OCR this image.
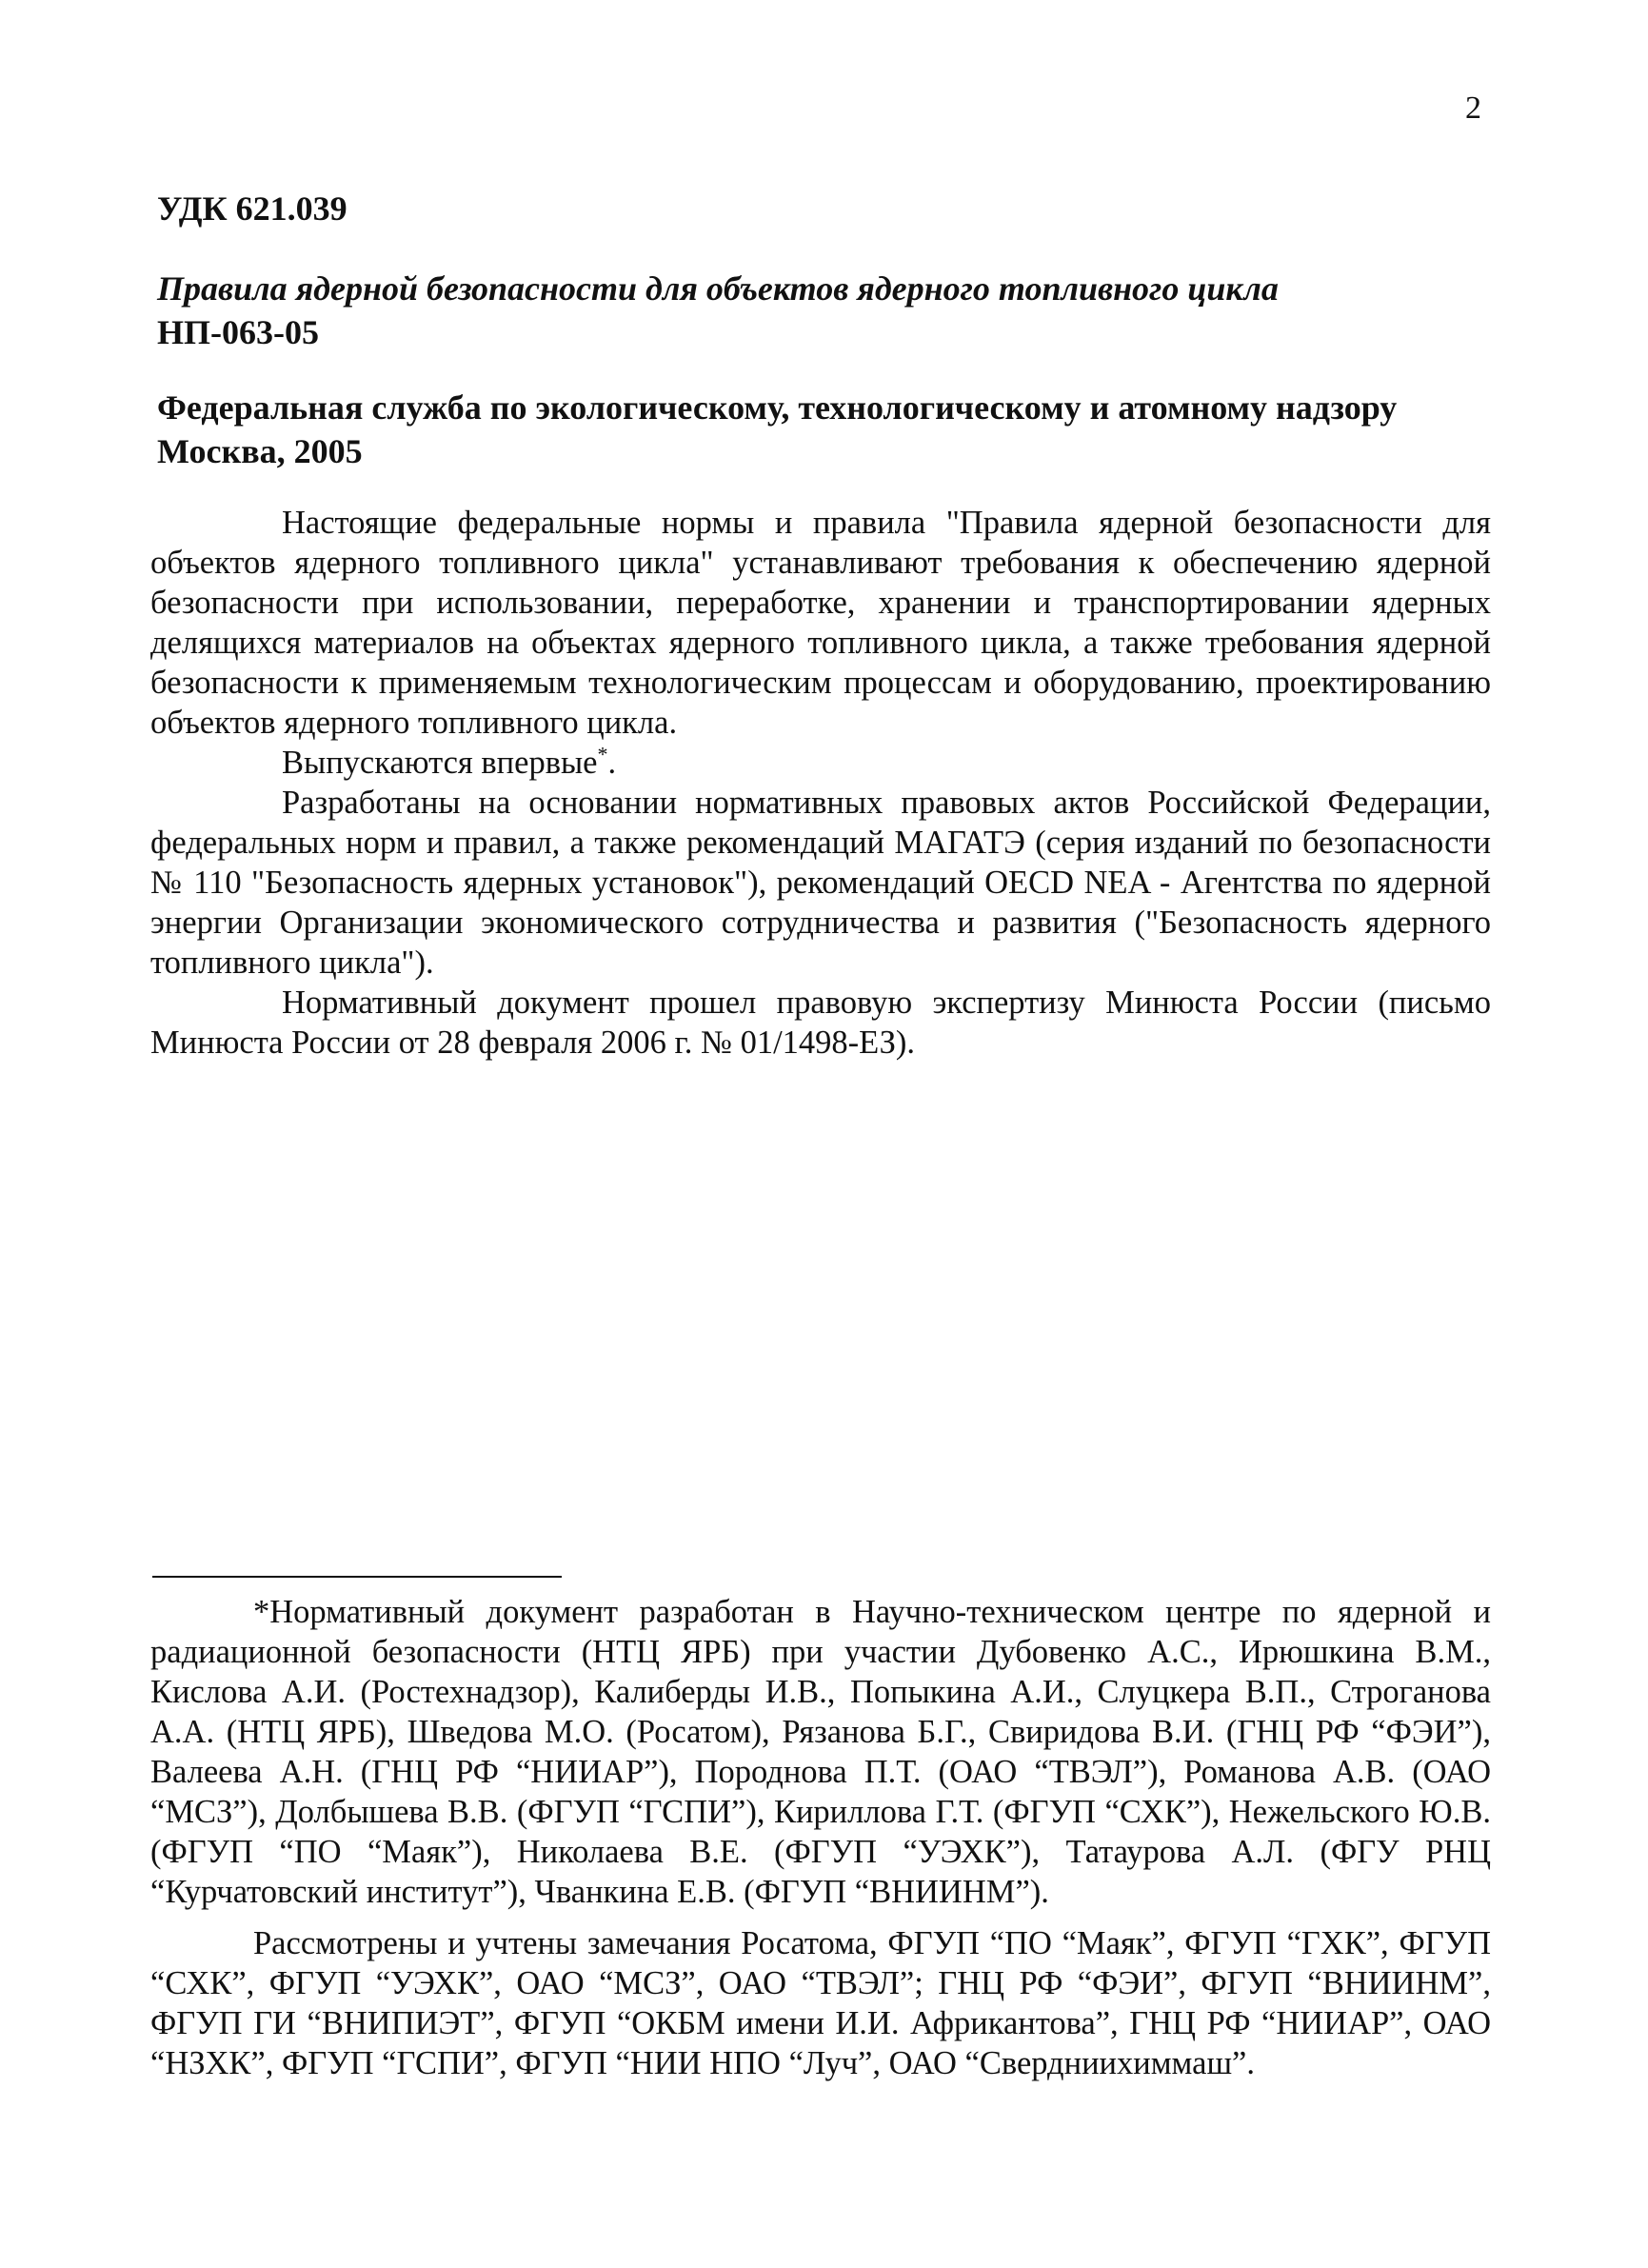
2
УДК 621.039
Правила ядерной безопасности для объектов ядерного топливного цикла
НП-063-05
Федеральная служба по экологическому, технологическому и атомному надзору
Москва, 2005

Настоящие федеральные нормы и правила "Правила ядерной безопасности для объектов ядерного топливного цикла" устанавливают требования к обеспечению ядерной безопасности при использовании, переработке, хранении и транспортировании ядерных делящихся материалов на объектах ядерного топливного цикла, а также требования ядерной безопасности к применяемым технологическим процессам и оборудованию, проектированию объектов ядерного топливного цикла.

Выпускаются впервые*.

Разработаны на основании нормативных правовых актов Российской Федерации, федеральных норм и правил, а также рекомендаций МАГАТЭ (серия изданий по безопасности № 110 "Безопасность ядерных установок"), рекомендаций OECD NEA - Агентства по ядерной энергии Организации экономического сотрудничества и развития ("Безопасность ядерного топливного цикла").

Нормативный документ прошел правовую экспертизу Минюста России (письмо Минюста России от 28 февраля 2006 г. № 01/1498-ЕЗ).

*Нормативный документ разработан в Научно-техническом центре по ядерной и радиационной безопасности (НТЦ ЯРБ) при участии Дубовенко А.С., Ирюшкина В.М., Кислова А.И. (Ростехнадзор), Калиберды И.В., Попыкина А.И., Слуцкера В.П., Строганова А.А. (НТЦ ЯРБ), Шведова М.О. (Росатом), Рязанова Б.Г., Свиридова В.И. (ГНЦ РФ “ФЭИ”), Валеева А.Н. (ГНЦ РФ “НИИАР”), Породнова П.Т. (ОАО “ТВЭЛ”), Романова А.В. (ОАО “МСЗ”), Долбышева В.В. (ФГУП “ГСПИ”), Кириллова Г.Т. (ФГУП “СХК”), Нежельского Ю.В. (ФГУП “ПО “Маяк”), Николаева В.Е. (ФГУП “УЭХК”), Татаурова А.Л. (ФГУ РНЦ “Курчатовский институт”), Чванкина Е.В. (ФГУП “ВНИИНМ”).

Рассмотрены и учтены замечания Росатома, ФГУП “ПО “Маяк”, ФГУП “ГХК”, ФГУП “СХК”, ФГУП “УЭХК”, ОАО “МСЗ”, ОАО “ТВЭЛ”; ГНЦ РФ “ФЭИ”, ФГУП “ВНИИНМ”, ФГУП ГИ “ВНИПИЭТ”, ФГУП “ОКБМ имени И.И. Африкантова”, ГНЦ РФ “НИИАР”, ОАО “НЗХК”, ФГУП “ГСПИ”, ФГУП “НИИ НПО “Луч”, ОАО “Свердниихиммаш”.
